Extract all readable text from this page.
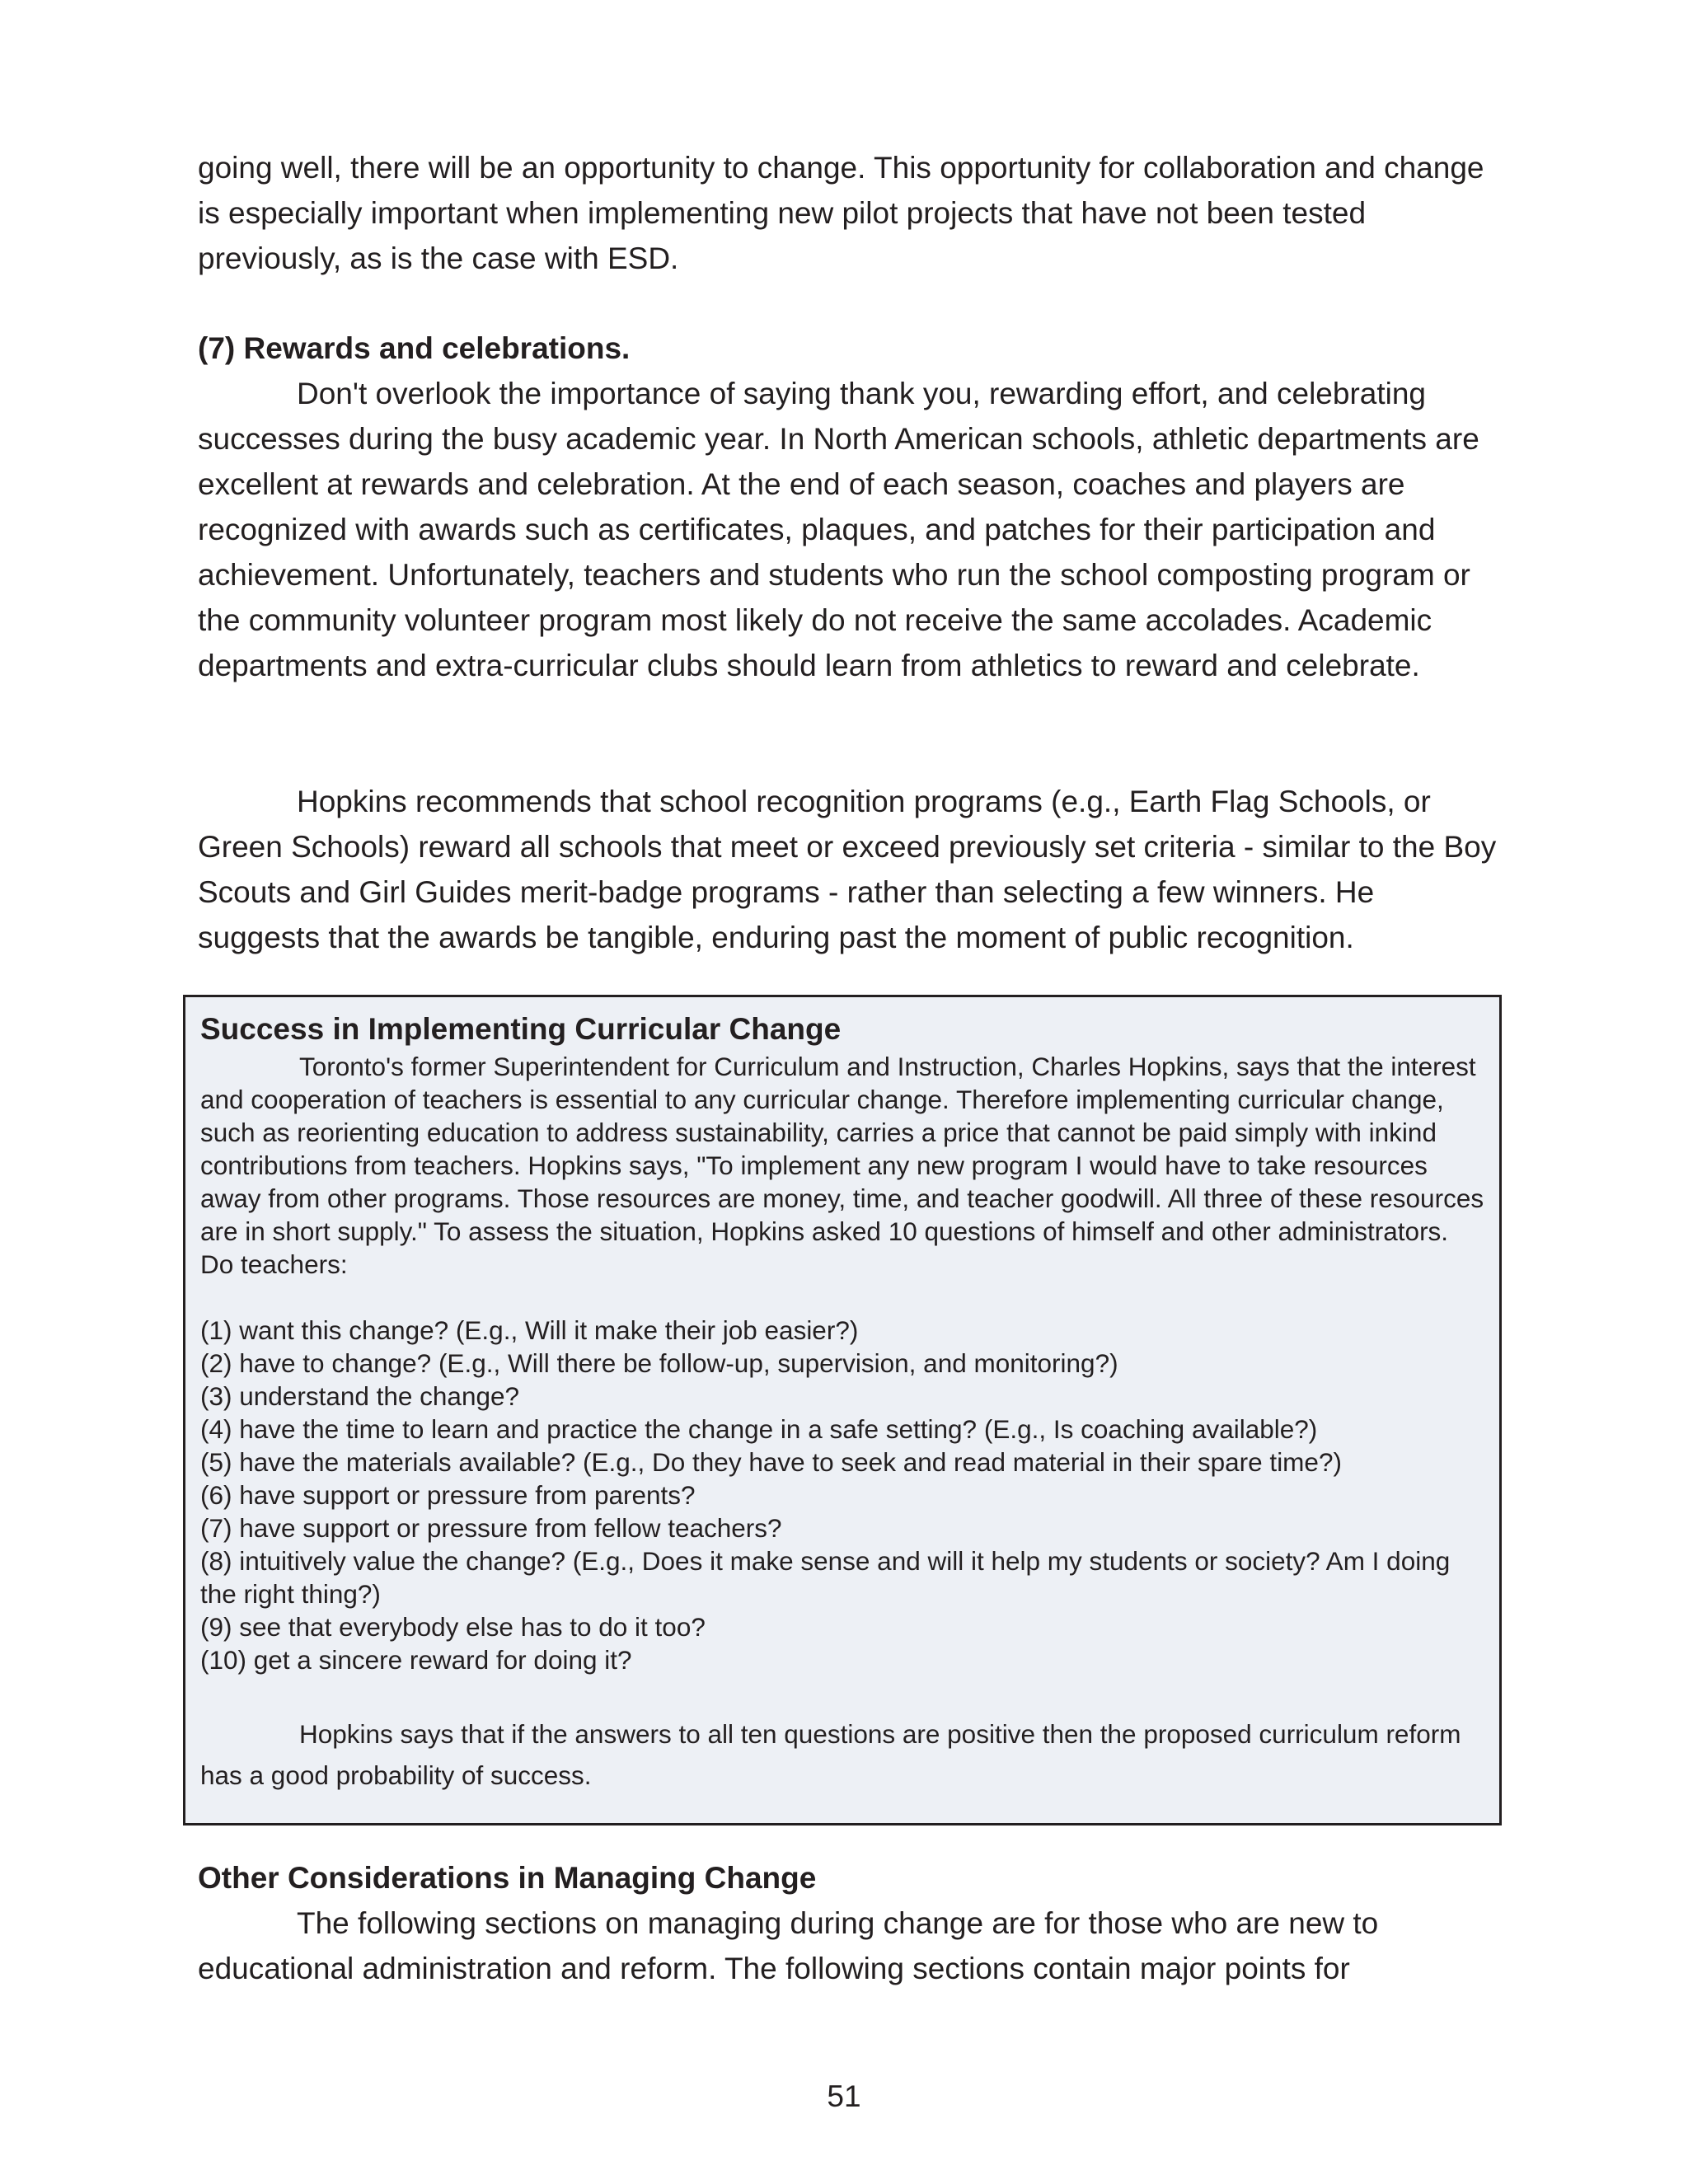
going well, there will be an opportunity to change. This opportunity for collaboration and change is especially important when implementing new pilot projects that have not been tested previously, as is the case with ESD.

(7) Rewards and celebrations.

Don't overlook the importance of saying thank you, rewarding effort, and celebrating successes during the busy academic year. In North American schools, athletic departments are excellent at rewards and celebration. At the end of each season, coaches and players are recognized with awards such as certificates, plaques, and patches for their participation and achievement. Unfortunately, teachers and students who run the school composting program or the community volunteer program most likely do not receive the same accolades. Academic departments and extra-curricular clubs should learn from athletics to reward and celebrate.

Hopkins recommends that school recognition programs (e.g., Earth Flag Schools, or Green Schools) reward all schools that meet or exceed previously set criteria - similar to the Boy Scouts and Girl Guides merit-badge programs - rather than selecting a few winners. He suggests that the awards be tangible, enduring past the moment of public recognition.

Success in Implementing Curricular Change

Toronto's former Superintendent for Curriculum and Instruction, Charles Hopkins, says that the interest and cooperation of teachers is essential to any curricular change. Therefore implementing curricular change, such as reorienting education to address sustainability, carries a price that cannot be paid simply with inkind contributions from teachers. Hopkins says, "To implement any new program I would have to take resources away from other programs. Those resources are money, time, and teacher goodwill. All three of these resources are in short supply." To assess the situation, Hopkins asked 10 questions of himself and other administrators. Do teachers:

(1) want this change? (E.g., Will it make their job easier?)
(2) have to change? (E.g., Will there be follow-up, supervision, and monitoring?)
(3) understand the change?
(4) have the time to learn and practice the change in a safe setting? (E.g., Is coaching available?)
(5) have the materials available? (E.g., Do they have to seek and read material in their spare time?)
(6) have support or pressure from parents?
(7) have support or pressure from fellow teachers?
(8) intuitively value the change? (E.g., Does it make sense and will it help my students or society? Am I doing the right thing?)
(9) see that everybody else has to do it too?
(10) get a sincere reward for doing it?

Hopkins says that if the answers to all ten questions are positive then the proposed curriculum reform has a good probability of success.

Other Considerations in Managing Change

The following sections on managing during change are for those who are new to educational administration and reform. The following sections contain major points for

51
